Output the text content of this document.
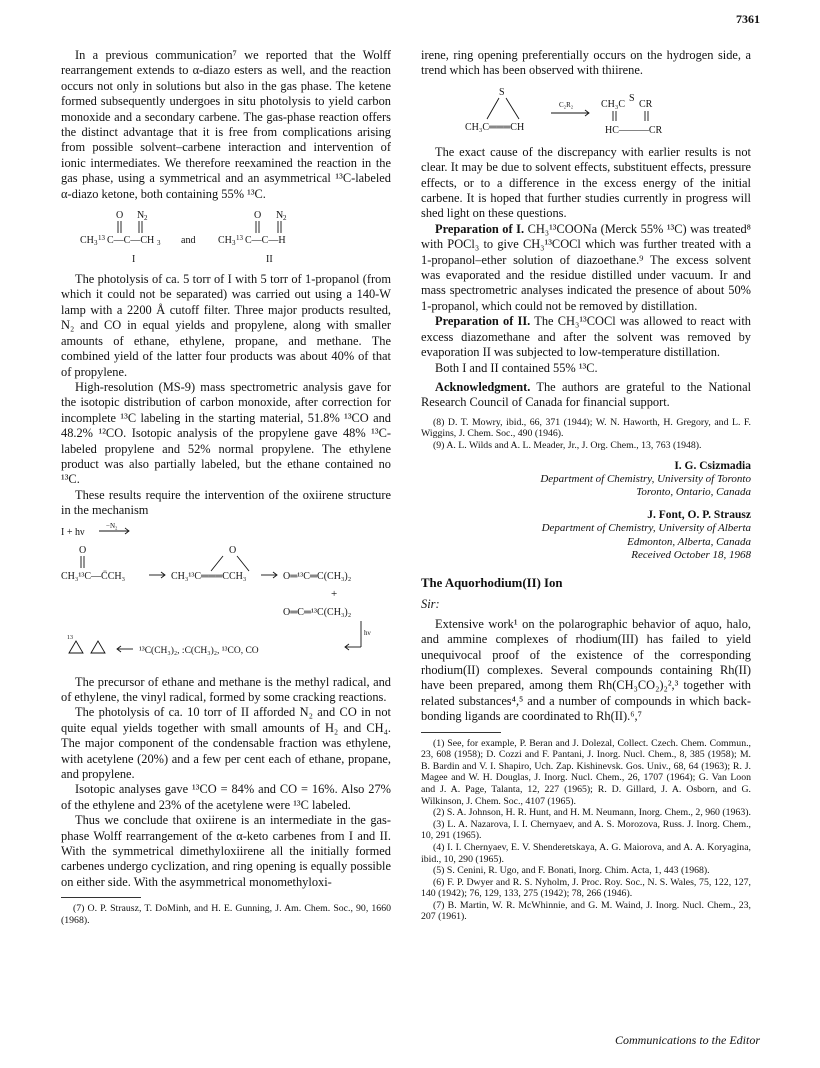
7361

In a previous communication⁷ we reported that the Wolff rearrangement extends to α-diazo esters as well, and the reaction occurs not only in solutions but also in the gas phase. The ketene formed subsequently undergoes in situ photolysis to yield carbon monoxide and a secondary carbene. The gas-phase reaction offers the distinct advantage that it is free from complications arising from possible solvent–carbene interaction and intervention of ionic intermediates. We therefore reexamined the reaction in the gas phase, using a symmetrical and an asymmetrical ¹³C-labeled α-diazo ketone, both containing 55% ¹³C.

O N 2
CH 3
13 C—C—CH 3 and
O N 2
CH 3
13 C—C—H
I	II

The photolysis of ca. 5 torr of I with 5 torr of 1-propanol (from which it could not be separated) was carried out using a 140-W lamp with a 2200 Å cutoff filter. Three major products resulted, N₂ and CO in equal yields and propylene, along with smaller amounts of ethane, ethylene, propane, and methane. The combined yield of the latter four products was about 40% of that of propylene.

High-resolution (MS-9) mass spectrometric analysis gave for the isotopic distribution of carbon monoxide, after correction for incomplete ¹³C labeling in the starting material, 51.8% ¹³CO and 48.2% ¹²CO. Isotopic analysis of the propylene gave 48% ¹³C-labeled propylene and 52% normal propylene. The ethylene product was also partially labeled, but the ethane contained no ¹³C.

These results require the intervention of the oxiirene structure in the mechanism

I + hν
−N₂
O
CH₃¹³C—C̈CH₃
O
CH₃¹³C═══CCH₃	O═¹³C═C(CH₃)₂
+
O═C═¹³C(CH₃)₂
hν
13
¹³C(CH₃)₂, :C(CH₃)₂, ¹³CO, CO

The precursor of ethane and methane is the methyl radical, and of ethylene, the vinyl radical, formed by some cracking reactions.

The photolysis of ca. 10 torr of II afforded N₂ and CO in not quite equal yields together with small amounts of H₂ and CH₄. The major component of the condensable fraction was ethylene, with acetylene (20%) and a few per cent each of ethane, propane, and propylene.

Isotopic analyses gave ¹³CO = 84% and CO = 16%. Also 27% of the ethylene and 23% of the acetylene were ¹³C labeled.

Thus we conclude that oxiirene is an intermediate in the gas-phase Wolff rearrangement of the α-keto carbenes from I and II. With the symmetrical dimethyloxiirene all the initially formed carbenes undergo cyclization, and ring opening is equally possible on either side. With the asymmetrical monomethyloxi-

(7) O. P. Strausz, T. DoMinh, and H. E. Gunning, J. Am. Chem. Soc., 90, 1660 (1968).

irene, ring opening preferentially occurs on the hydrogen side, a trend which has been observed with thiirene.

S
CH₃C═══CH
C₂R₂	CH₃C
S
CR
HC———CR

The exact cause of the discrepancy with earlier results is not clear. It may be due to solvent effects, substituent effects, pressure effects, or to a difference in the excess energy of the initial carbene. It is hoped that further studies currently in progress will shed light on these questions.

Preparation of I. CH₃¹³COONa (Merck 55% ¹³C) was treated⁸ with POCl₃ to give CH₃¹³COCl which was further treated with a 1-propanol–ether solution of diazoethane.⁹ The excess solvent was evaporated and the residue distilled under vacuum. Ir and mass spectrometric analyses indicated the presence of about 50% 1-propanol, which could not be removed by distillation.

Preparation of II. The CH₃¹³COCl was allowed to react with excess diazomethane and after the solvent was removed by evaporation II was subjected to low-temperature distillation.

Both I and II contained 55% ¹³C.

Acknowledgment. The authors are grateful to the National Research Council of Canada for financial support.

(8) D. T. Mowry, ibid., 66, 371 (1944); W. N. Haworth, H. Gregory, and L. F. Wiggins, J. Chem. Soc., 490 (1946).

(9) A. L. Wilds and A. L. Meader, Jr., J. Org. Chem., 13, 763 (1948).

I. G. Csizmadia
Department of Chemistry, University of Toronto
Toronto, Ontario, Canada
J. Font, O. P. Strausz
Department of Chemistry, University of Alberta
Edmonton, Alberta, Canada
Received October 18, 1968
The Aquorhodium(II) Ion
Sir:

Extensive work¹ on the polarographic behavior of aquo, halo, and ammine complexes of rhodium(III) has failed to yield unequivocal proof of the existence of the corresponding rhodium(II) complexes. Several compounds containing Rh(II) have been prepared, among them Rh(CH₃CO₂)₂²,³ together with related substances⁴,⁵ and a number of compounds in which back-bonding ligands are coordinated to Rh(II).⁶,⁷

(1) See, for example, P. Beran and J. Dolezal, Collect. Czech. Chem. Commun., 23, 608 (1958); D. Cozzi and F. Pantani, J. Inorg. Nucl. Chem., 8, 385 (1958); M. B. Bardin and V. I. Shapiro, Uch. Zap. Kishinevsk. Gos. Univ., 68, 64 (1963); R. J. Magee and W. H. Douglas, J. Inorg. Nucl. Chem., 26, 1707 (1964); G. Van Loon and J. A. Page, Talanta, 12, 227 (1965); R. D. Gillard, J. A. Osborn, and G. Wilkinson, J. Chem. Soc., 4107 (1965).

(2) S. A. Johnson, H. R. Hunt, and H. M. Neumann, Inorg. Chem., 2, 960 (1963).

(3) L. A. Nazarova, I. I. Chernyaev, and A. S. Morozova, Russ. J. Inorg. Chem., 10, 291 (1965).

(4) I. I. Chernyaev, E. V. Shenderetskaya, A. G. Maiorova, and A. A. Koryagina, ibid., 10, 290 (1965).

(5) S. Cenini, R. Ugo, and F. Bonati, Inorg. Chim. Acta, 1, 443 (1968).

(6) F. P. Dwyer and R. S. Nyholm, J. Proc. Roy. Soc., N. S. Wales, 75, 122, 127, 140 (1942); 76, 129, 133, 275 (1942); 78, 266 (1946).

(7) B. Martin, W. R. McWhinnie, and G. M. Waind, J. Inorg. Nucl. Chem., 23, 207 (1961).

Communications to the Editor
